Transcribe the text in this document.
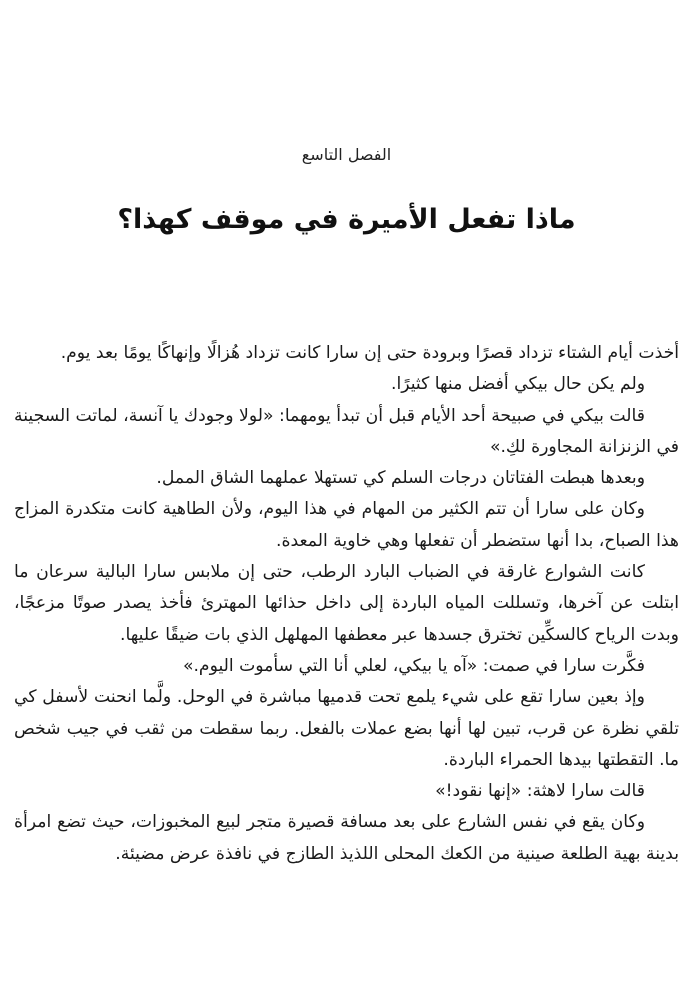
الفصل التاسع
ماذا تفعل الأميرة في موقف كهذا؟

أخذت أيام الشتاء تزداد قصرًا وبرودة حتى إن سارا كانت تزداد هُزالًا وإنهاكًا يومًا بعد يوم.

ولم يكن حال بيكي أفضل منها كثيرًا.

قالت بيكي في صبيحة أحد الأيام قبل أن تبدأ يومهما: «لولا وجودك يا آنسة، لماتت السجينة في الزنزانة المجاورة لكِ.»

وبعدها هبطت الفتاتان درجات السلم كي تستهلا عملهما الشاق الممل.

وكان على سارا أن تتم الكثير من المهام في هذا اليوم، ولأن الطاهية كانت متكدرة المزاج هذا الصباح، بدا أنها ستضطر أن تفعلها وهي خاوية المعدة.

كانت الشوارع غارقة في الضباب البارد الرطب، حتى إن ملابس سارا البالية سرعان ما ابتلت عن آخرها، وتسللت المياه الباردة إلى داخل حذائها المهترئ فأخذ يصدر صوتًا مزعجًا، وبدت الرياح كالسكِّين تخترق جسدها عبر معطفها المهلهل الذي بات ضيقًا عليها.

فكَّرت سارا في صمت: «آه يا بيكي، لعلي أنا التي سأموت اليوم.»

وإذ بعين سارا تقع على شيء يلمع تحت قدميها مباشرة في الوحل. ولَّما انحنت لأسفل كي تلقي نظرة عن قرب، تبين لها أنها بضع عملات بالفعل. ربما سقطت من ثقب في جيب شخص ما. التقطتها بيدها الحمراء الباردة.

قالت سارا لاهثة: «إنها نقود!»

وكان يقع في نفس الشارع على بعد مسافة قصيرة متجر لبيع المخبوزات، حيث تضع امرأة بدينة بهية الطلعة صينية من الكعك المحلى اللذيذ الطازج في نافذة عرض مضيئة.
